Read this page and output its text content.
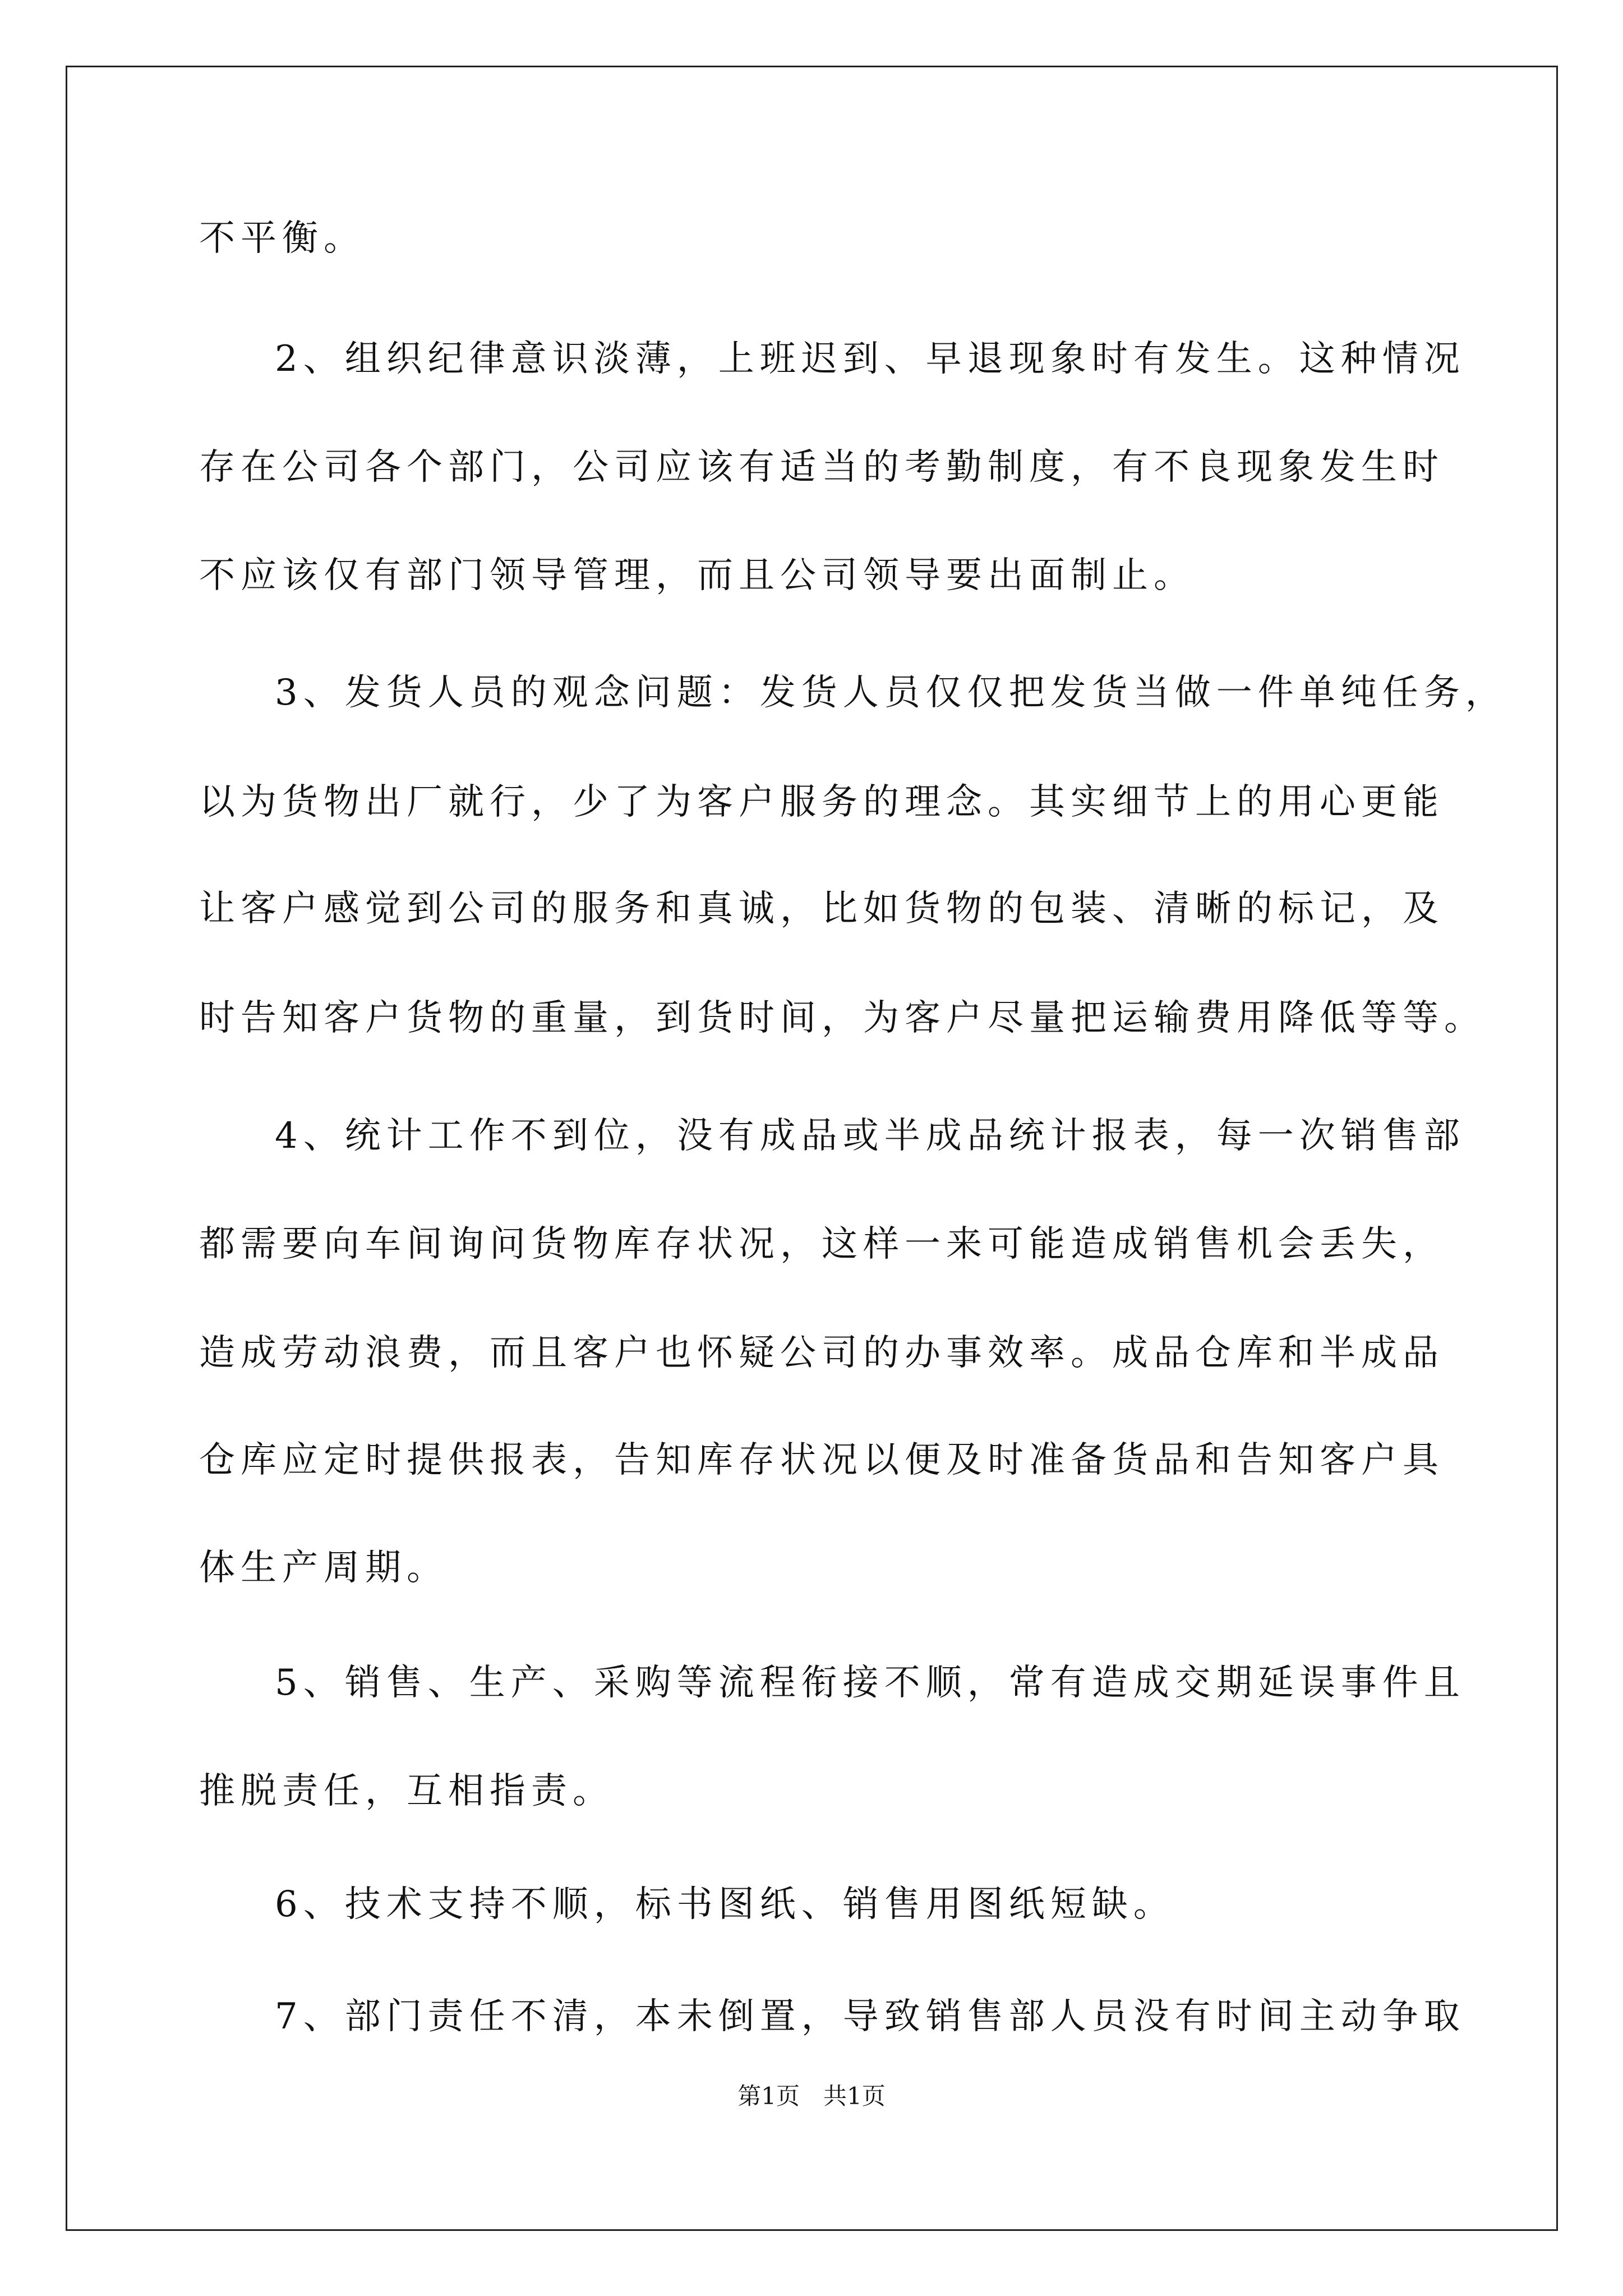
不平衡。
2、组织纪律意识淡薄，上班迟到、早退现象时有发生。这种情况
存在公司各个部门，公司应该有适当的考勤制度，有不良现象发生时
不应该仅有部门领导管理，而且公司领导要出面制止。
3、发货人员的观念问题：发货人员仅仅把发货当做一件单纯任务，
以为货物出厂就行，少了为客户服务的理念。其实细节上的用心更能
让客户感觉到公司的服务和真诚，比如货物的包装、清晰的标记，及
时告知客户货物的重量，到货时间，为客户尽量把运输费用降低等等。
4、统计工作不到位，没有成品或半成品统计报表，每一次销售部
都需要向车间询问货物库存状况，这样一来可能造成销售机会丢失，
造成劳动浪费，而且客户也怀疑公司的办事效率。成品仓库和半成品
仓库应定时提供报表，告知库存状况以便及时准备货品和告知客户具
体生产周期。
5、销售、生产、采购等流程衔接不顺，常有造成交期延误事件且
推脱责任，互相指责。
6、技术支持不顺，标书图纸、销售用图纸短缺。
7、部门责任不清，本未倒置，导致销售部人员没有时间主动争取
第1页　共1页
